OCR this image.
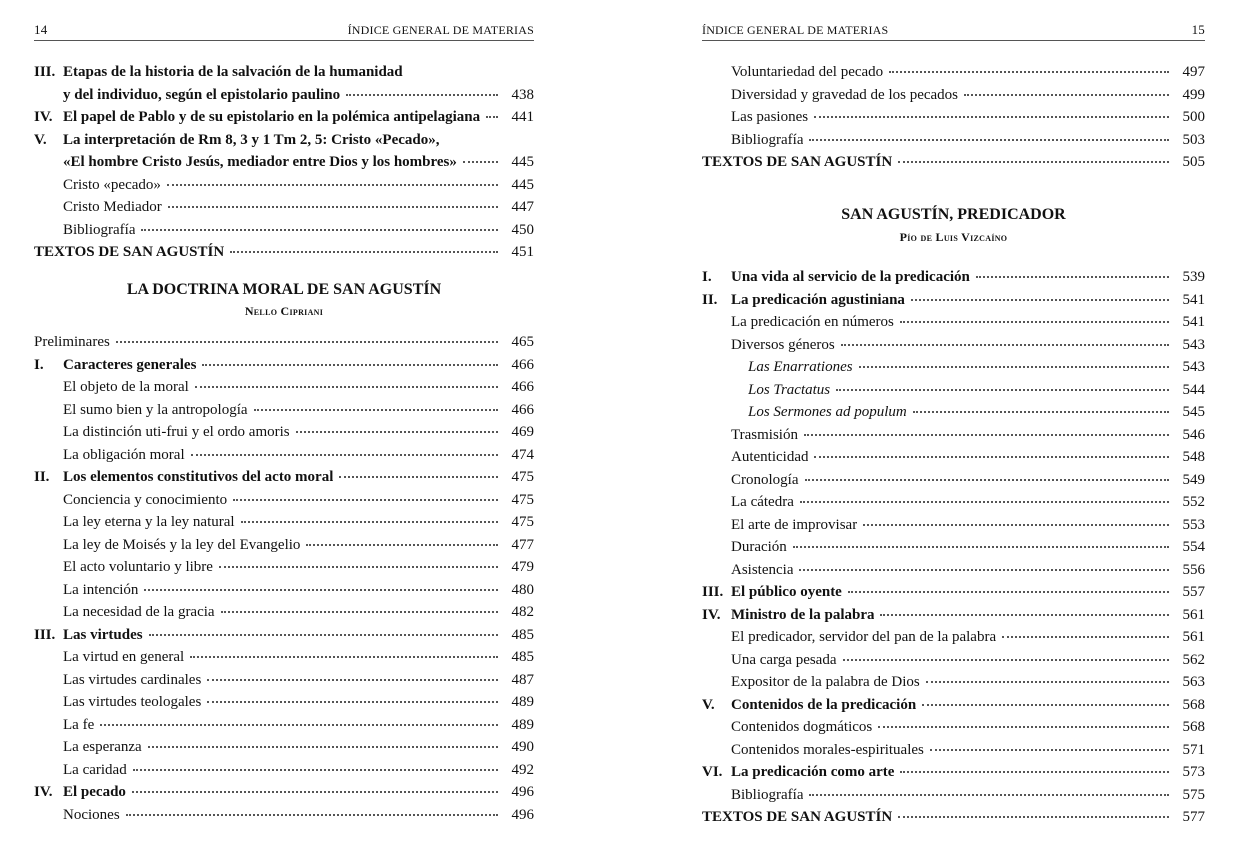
14	ÍNDICE GENERAL DE MATERIAS
III. Etapas de la historia de la salvación de la humanidad
y del individuo, según el epistolario paulino	438
IV. El papel de Pablo y de su epistolario en la polémica antipelagiana	441
V.	La interpretación de Rm 8, 3 y 1 Tm 2, 5: Cristo «Pecado»,
«El hombre Cristo Jesús, mediador entre Dios y los hombres»	445
Cristo «pecado»	445
Cristo Mediador	447
Bibliografía	450
TEXTOS DE SAN AGUSTÍN	451
LA DOCTRINA MORAL DE SAN AGUSTÍN
Nello Cipriani
Preliminares	465
I.	Caracteres generales	466
El objeto de la moral	466
El sumo bien y la antropología	466
La distinción uti-frui y el ordo amoris	469
La obligación moral	474
II. Los elementos constitutivos del acto moral	475
Conciencia y conocimiento	475
La ley eterna y la ley natural	475
La ley de Moisés y la ley del Evangelio	477
El acto voluntario y libre	479
La intención	480
La necesidad de la gracia	482
III. Las virtudes	485
La virtud en general	485
Las virtudes cardinales	487
Las virtudes teologales	489
La fe	489
La esperanza	490
La caridad	492
IV. El pecado	496
Nociones	496
ÍNDICE GENERAL DE MATERIAS	15
Voluntariedad del pecado	497
Diversidad y gravedad de los pecados	499
Las pasiones	500
Bibliografía	503
TEXTOS DE SAN AGUSTÍN	505
SAN AGUSTÍN, PREDICADOR
Pío de Luis Vizcaíno
I.	Una vida al servicio de la predicación	539
II. La predicación agustiniana	541
La predicación en números	541
Diversos géneros	543
Las Enarrationes	543
Los Tractatus	544
Los Sermones ad populum	545
Trasmisión	546
Autenticidad	548
Cronología	549
La cátedra	552
El arte de improvisar	553
Duración	554
Asistencia	556
III. El público oyente	557
IV. Ministro de la palabra	561
El predicador, servidor del pan de la palabra	561
Una carga pesada	562
Expositor de la palabra de Dios	563
V.	Contenidos de la predicación	568
Contenidos dogmáticos	568
Contenidos morales-espirituales	571
VI. La predicación como arte	573
Bibliografía	575
TEXTOS DE SAN AGUSTÍN	577
